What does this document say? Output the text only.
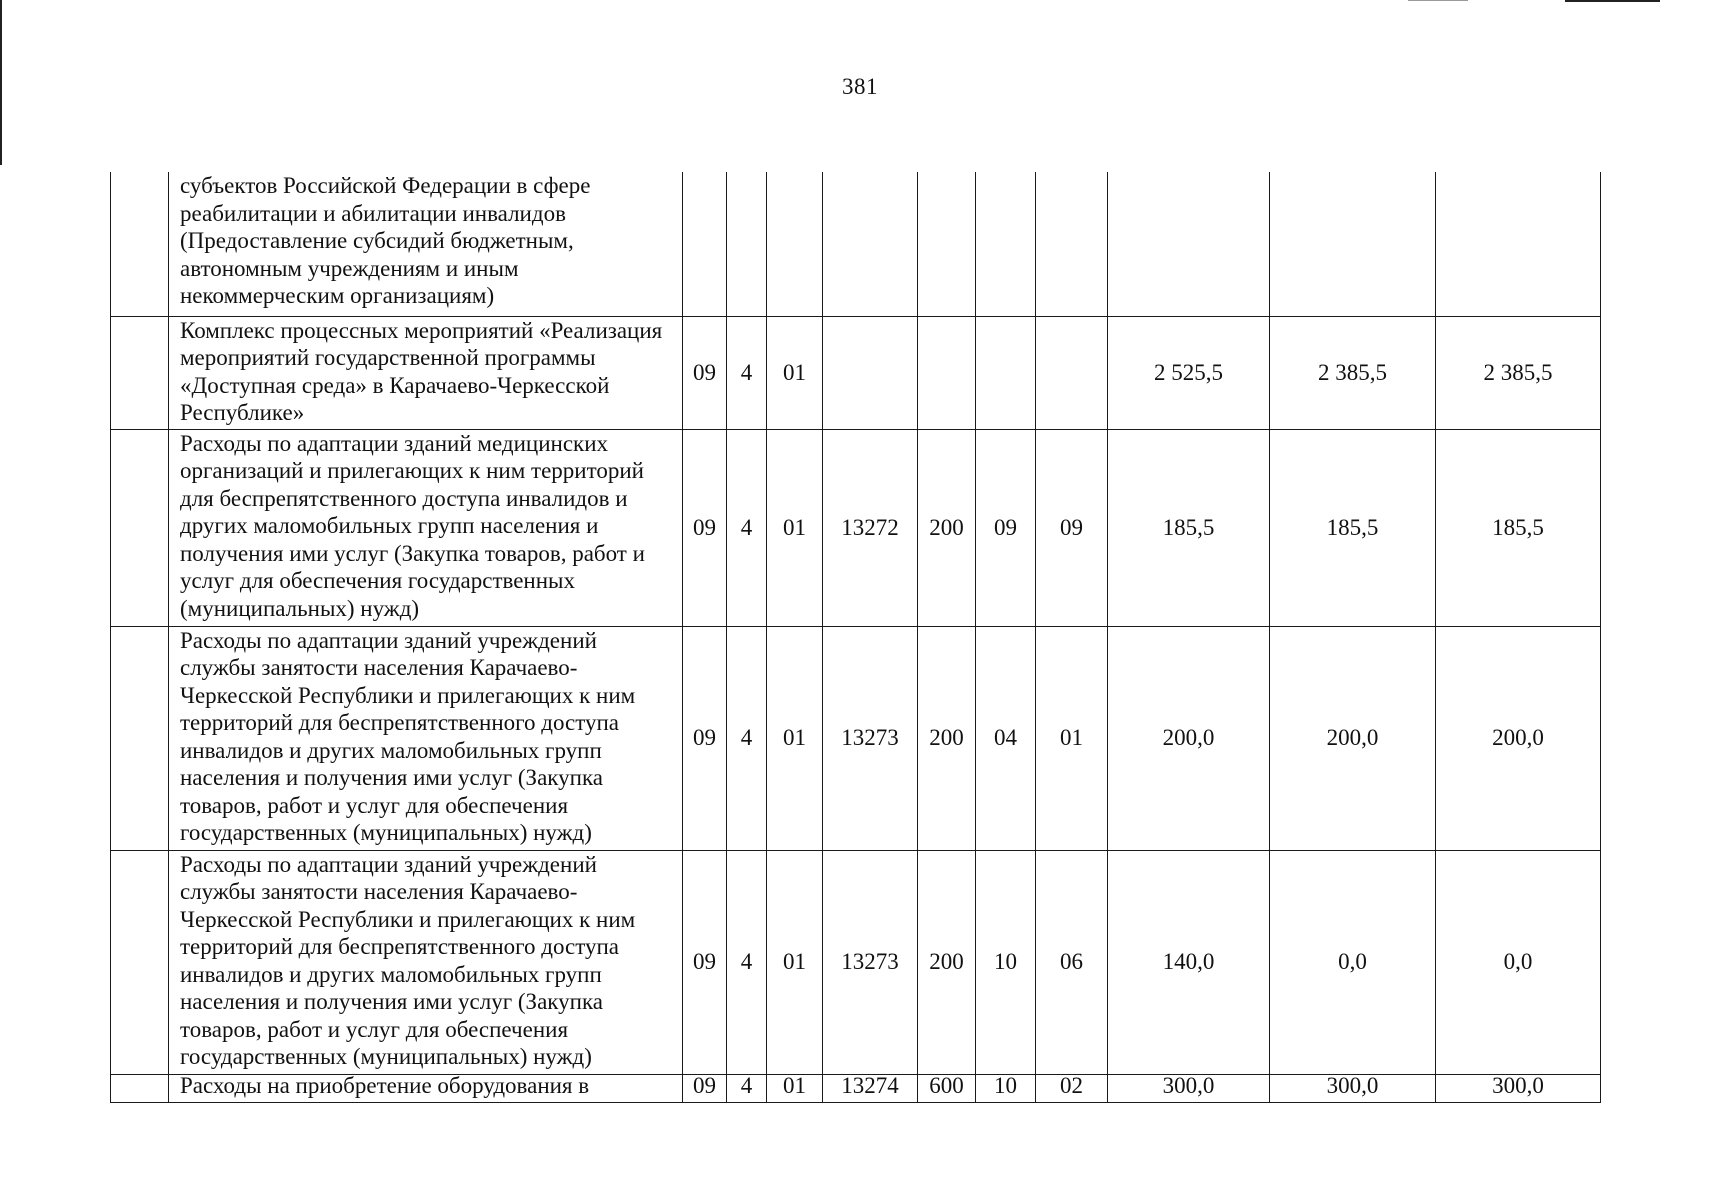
381
	субъектов Российской Федерации в сфере реабилитации и абилитации инвалидов (Предоставление субсидий бюджетным, автономным учреждениям и иным некоммерческим организациям)										
	Комплекс процессных мероприятий «Реализация мероприятий государственной программы «Доступная среда» в Карачаево-Черкесской Республике»	09	4	01					2 525,5	2 385,5	2 385,5
	Расходы по адаптации зданий медицинских организаций и прилегающих к ним территорий для беспрепятственного доступа инвалидов и других маломобильных групп населения и получения ими услуг (Закупка товаров, работ и услуг для обеспечения государственных (муниципальных) нужд)	09	4	01	13272	200	09	09	185,5	185,5	185,5
	Расходы по адаптации зданий учреждений службы занятости населения Карачаево-Черкесской Республики и прилегающих к ним территорий для беспрепятственного доступа инвалидов и других маломобильных групп населения и получения ими услуг (Закупка товаров, работ и услуг для обеспечения государственных (муниципальных) нужд)	09	4	01	13273	200	04	01	200,0	200,0	200,0
	Расходы по адаптации зданий учреждений службы занятости населения Карачаево-Черкесской Республики и прилегающих к ним территорий для беспрепятственного доступа инвалидов и других маломобильных групп населения и получения ими услуг (Закупка товаров, работ и услуг для обеспечения государственных (муниципальных) нужд)	09	4	01	13273	200	10	06	140,0	0,0	0,0
	Расходы на приобретение оборудования в	09	4	01	13274	600	10	02	300,0	300,0	300,0
